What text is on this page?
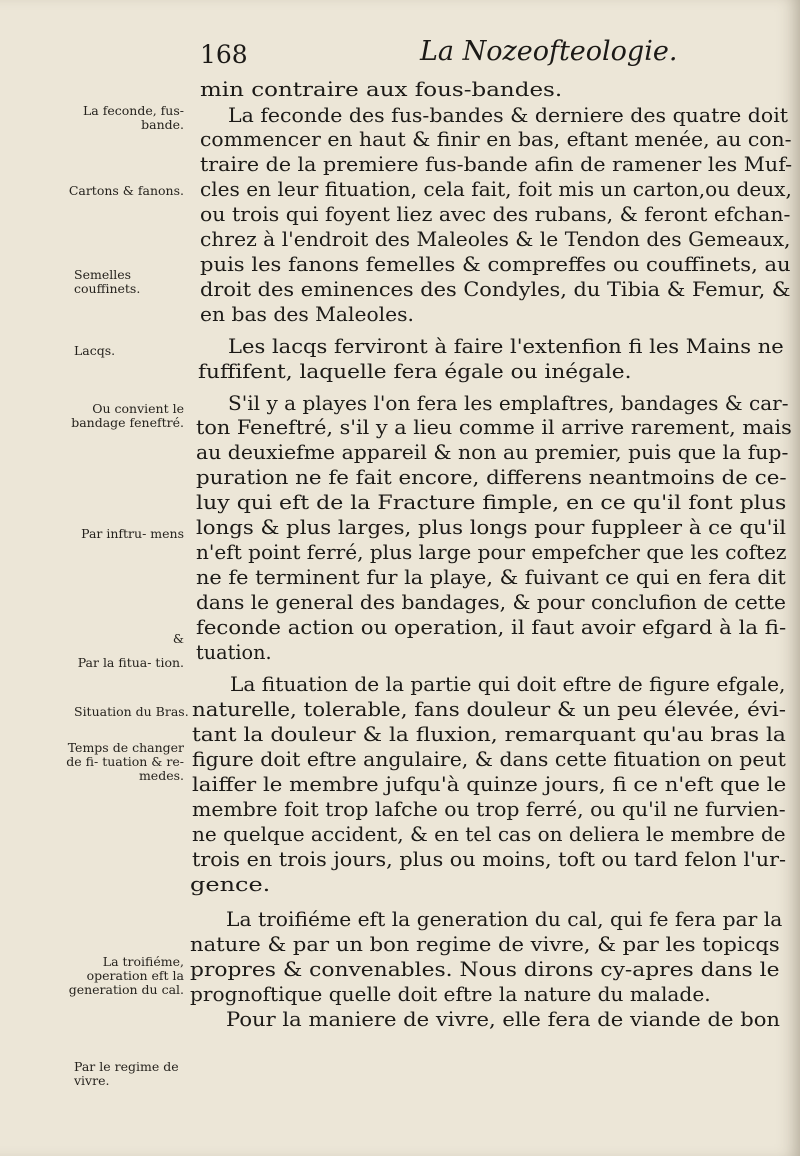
168	La Nozeofteologie.
La feconde, fus-bande.
Cartons & fanons.
Semelles couffinets.
Lacqs.
Ou convient le bandage feneftré.
Par inftru- mens
&
Par la fitua- tion.
Situation du Bras.
Temps de changer de fi- tuation & re- medes.
La troifiéme, operation eft la generation du cal.
Par le regime de vivre.
min contraire aux fous-bandes.
La feconde des fus-bandes & derniere des quatre doit
commencer en haut & finir en bas, eftant menée, au con-
traire de la premiere fus-bande afin de ramener les Muf-
cles en leur fituation, cela fait, foit mis un carton,ou deux,
ou trois qui foyent liez avec des rubans, & feront efchan-
chrez à l'endroit des Maleoles & le Tendon des Gemeaux,
puis les fanons femelles & compreffes ou couffinets, au
droit des eminences des Condyles, du Tibia & Femur, &
en bas des Maleoles.
Les lacqs ferviront à faire l'extenfion fi les Mains ne
fuffifent, laquelle fera égale ou inégale.
S'il y a playes l'on fera les emplaftres, bandages & car-
ton Feneftré, s'il y a lieu comme il arrive rarement, mais
au deuxiefme appareil & non au premier, puis que la fup-
puration ne fe fait encore, differens neantmoins de ce-
luy qui eft de la Fracture fimple, en ce qu'il font plus
longs & plus larges, plus longs pour fuppleer à ce qu'il
n'eft point ferré, plus large pour empefcher que les coftez
ne fe terminent fur la playe, & fuivant ce qui en fera dit
dans le general des bandages, & pour conclufion de cette
feconde action ou operation, il faut avoir efgard à la fi-
tuation.
La fituation de la partie qui doit eftre de figure efgale,
naturelle, tolerable, fans douleur & un peu élevée, évi-
tant la douleur & la fluxion, remarquant qu'au bras la
figure doit eftre angulaire, & dans cette fituation on peut
laiffer le membre jufqu'à quinze jours, fi ce n'eft que le
membre foit trop lafche ou trop ferré, ou qu'il ne furvien-
ne quelque accident, & en tel cas on deliera le membre de
trois en trois jours, plus ou moins, toft ou tard felon l'ur-
gence.
La troifiéme eft la generation du cal, qui fe fera par la
nature & par un bon regime de vivre, & par les topicqs
propres & convenables. Nous dirons cy-apres dans le
prognoftique quelle doit eftre la nature du malade.
Pour la maniere de vivre, elle fera de viande de bon
